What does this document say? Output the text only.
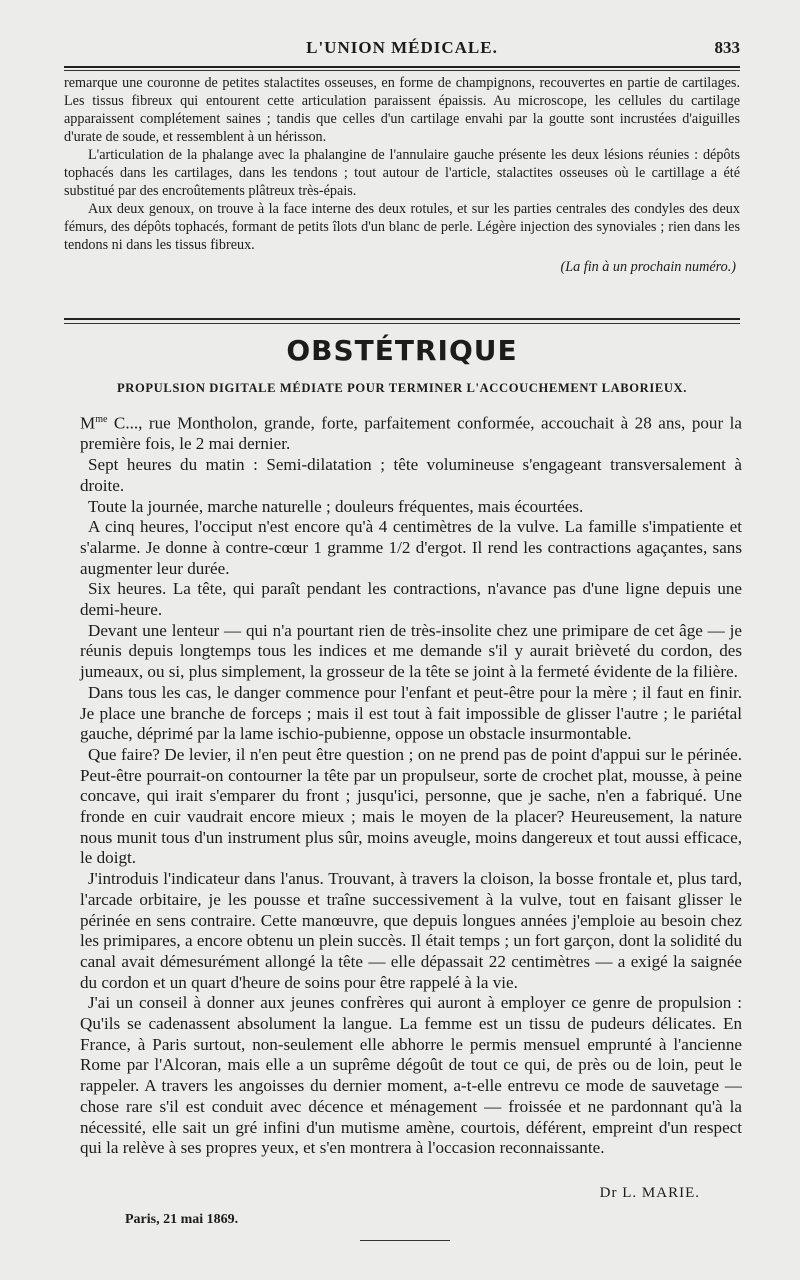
L'UNION MÉDICALE.	833

remarque une couronne de petites stalactites osseuses, en forme de champignons, recouvertes en partie de cartilages. Les tissus fibreux qui entourent cette articulation paraissent épaissis. Au microscope, les cellules du cartilage apparaissent complétement saines ; tandis que celles d'un cartilage envahi par la goutte sont incrustées d'aiguilles d'urate de soude, et ressemblent à un hérisson.

L'articulation de la phalange avec la phalangine de l'annulaire gauche présente les deux lésions réunies : dépôts tophacés dans les cartilages, dans les tendons ; tout autour de l'article, stalactites osseuses où le cartillage a été substitué par des encroûtements plâtreux très-épais.

Aux deux genoux, on trouve à la face interne des deux rotules, et sur les parties centrales des condyles des deux fémurs, des dépôts tophacés, formant de petits îlots d'un blanc de perle. Légère injection des synoviales ; rien dans les tendons ni dans les tissus fibreux.

(La fin à un prochain numéro.)
OBSTÉTRIQUE
PROPULSION DIGITALE MÉDIATE POUR TERMINER L'ACCOUCHEMENT LABORIEUX.

$M^{me}$ C..., rue Montholon, grande, forte, parfaitement conformée, accouchait à 28 ans, pour la première fois, le 2 mai dernier.

Sept heures du matin : Semi-dilatation ; tête volumineuse s'engageant transversalement à droite.

Toute la journée, marche naturelle ; douleurs fréquentes, mais écourtées.

A cinq heures, l'occiput n'est encore qu'à 4 centimètres de la vulve. La famille s'impatiente et s'alarme. Je donne à contre-cœur 1 gramme 1/2 d'ergot. Il rend les contractions agaçantes, sans augmenter leur durée.

Six heures. La tête, qui paraît pendant les contractions, n'avance pas d'une ligne depuis une demi-heure.

Devant une lenteur — qui n'a pourtant rien de très-insolite chez une primipare de cet âge — je réunis depuis longtemps tous les indices et me demande s'il y aurait brièveté du cordon, des jumeaux, ou si, plus simplement, la grosseur de la tête se joint à la fermeté évidente de la filière.

Dans tous les cas, le danger commence pour l'enfant et peut-être pour la mère ; il faut en finir. Je place une branche de forceps ; mais il est tout à fait impossible de glisser l'autre ; le pariétal gauche, déprimé par la lame ischio-pubienne, oppose un obstacle insurmontable.

Que faire? De levier, il n'en peut être question ; on ne prend pas de point d'appui sur le périnée. Peut-être pourrait-on contourner la tête par un propulseur, sorte de crochet plat, mousse, à peine concave, qui irait s'emparer du front ; jusqu'ici, personne, que je sache, n'en a fabriqué. Une fronde en cuir vaudrait encore mieux ; mais le moyen de la placer? Heureusement, la nature nous munit tous d'un instrument plus sûr, moins aveugle, moins dangereux et tout aussi efficace, le doigt.

J'introduis l'indicateur dans l'anus. Trouvant, à travers la cloison, la bosse frontale et, plus tard, l'arcade orbitaire, je les pousse et traîne successivement à la vulve, tout en faisant glisser le périnée en sens contraire. Cette manœuvre, que depuis longues années j'emploie au besoin chez les primipares, a encore obtenu un plein succès. Il était temps ; un fort garçon, dont la solidité du canal avait démesurément allongé la tête — elle dépassait 22 centimètres — a exigé la saignée du cordon et un quart d'heure de soins pour être rappelé à la vie.

J'ai un conseil à donner aux jeunes confrères qui auront à employer ce genre de propulsion : Qu'ils se cadenassent absolument la langue. La femme est un tissu de pudeurs délicates. En France, à Paris surtout, non-seulement elle abhorre le permis mensuel emprunté à l'ancienne Rome par l'Alcoran, mais elle a un suprême dégoût de tout ce qui, de près ou de loin, peut le rappeler. A travers les angoisses du dernier moment, a-t-elle entrevu ce mode de sauvetage — chose rare s'il est conduit avec décence et ménagement — froissée et ne pardonnant qu'à la nécessité, elle sait un gré infini d'un mutisme amène, courtois, déférent, empreint d'un respect qui la relève à ses propres yeux, et s'en montrera à l'occasion reconnaissante.

Dr L. MARIE.
Paris, 21 mai 1869.
